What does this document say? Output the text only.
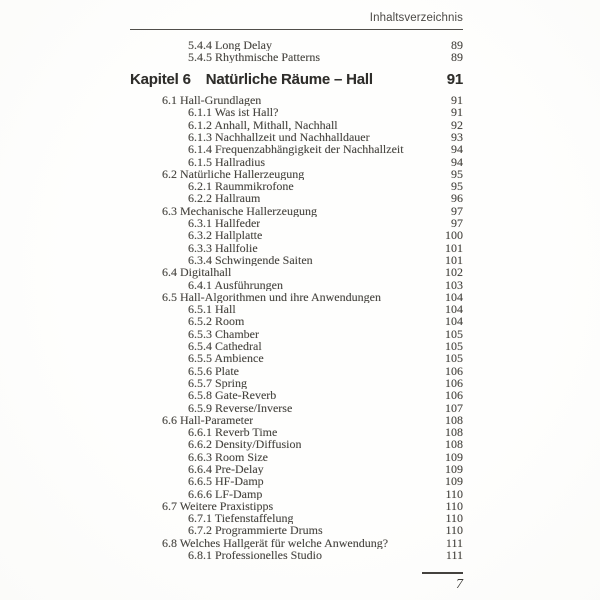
Inhaltsverzeichnis
5.4.4 Long Delay	89
5.4.5 Rhythmische Patterns	89
Kapitel 6 Natürliche Räume – Hall	91
6.1 Hall-Grundlagen	91
6.1.1 Was ist Hall?	91
6.1.2 Anhall, Mithall, Nachhall	92
6.1.3 Nachhallzeit und Nachhalldauer	93
6.1.4 Frequenzabhängigkeit der Nachhallzeit	94
6.1.5 Hallradius	94
6.2 Natürliche Hallerzeugung	95
6.2.1 Raummikrofone	95
6.2.2 Hallraum	96
6.3 Mechanische Hallerzeugung	97
6.3.1 Hallfeder	97
6.3.2 Hallplatte	100
6.3.3 Hallfolie	101
6.3.4 Schwingende Saiten	101
6.4 Digitalhall	102
6.4.1 Ausführungen	103
6.5 Hall-Algorithmen und ihre Anwendungen	104
6.5.1 Hall	104
6.5.2 Room	104
6.5.3 Chamber	105
6.5.4 Cathedral	105
6.5.5 Ambience	105
6.5.6 Plate	106
6.5.7 Spring	106
6.5.8 Gate-Reverb	106
6.5.9 Reverse/Inverse	107
6.6 Hall-Parameter	108
6.6.1 Reverb Time	108
6.6.2 Density/Diffusion	108
6.6.3 Room Size	109
6.6.4 Pre-Delay	109
6.6.5 HF-Damp	109
6.6.6 LF-Damp	110
6.7 Weitere Praxistipps	110
6.7.1 Tiefenstaffelung	110
6.7.2 Programmierte Drums	110
6.8 Welches Hallgerät für welche Anwendung?	111
6.8.1 Professionelles Studio	111
7
